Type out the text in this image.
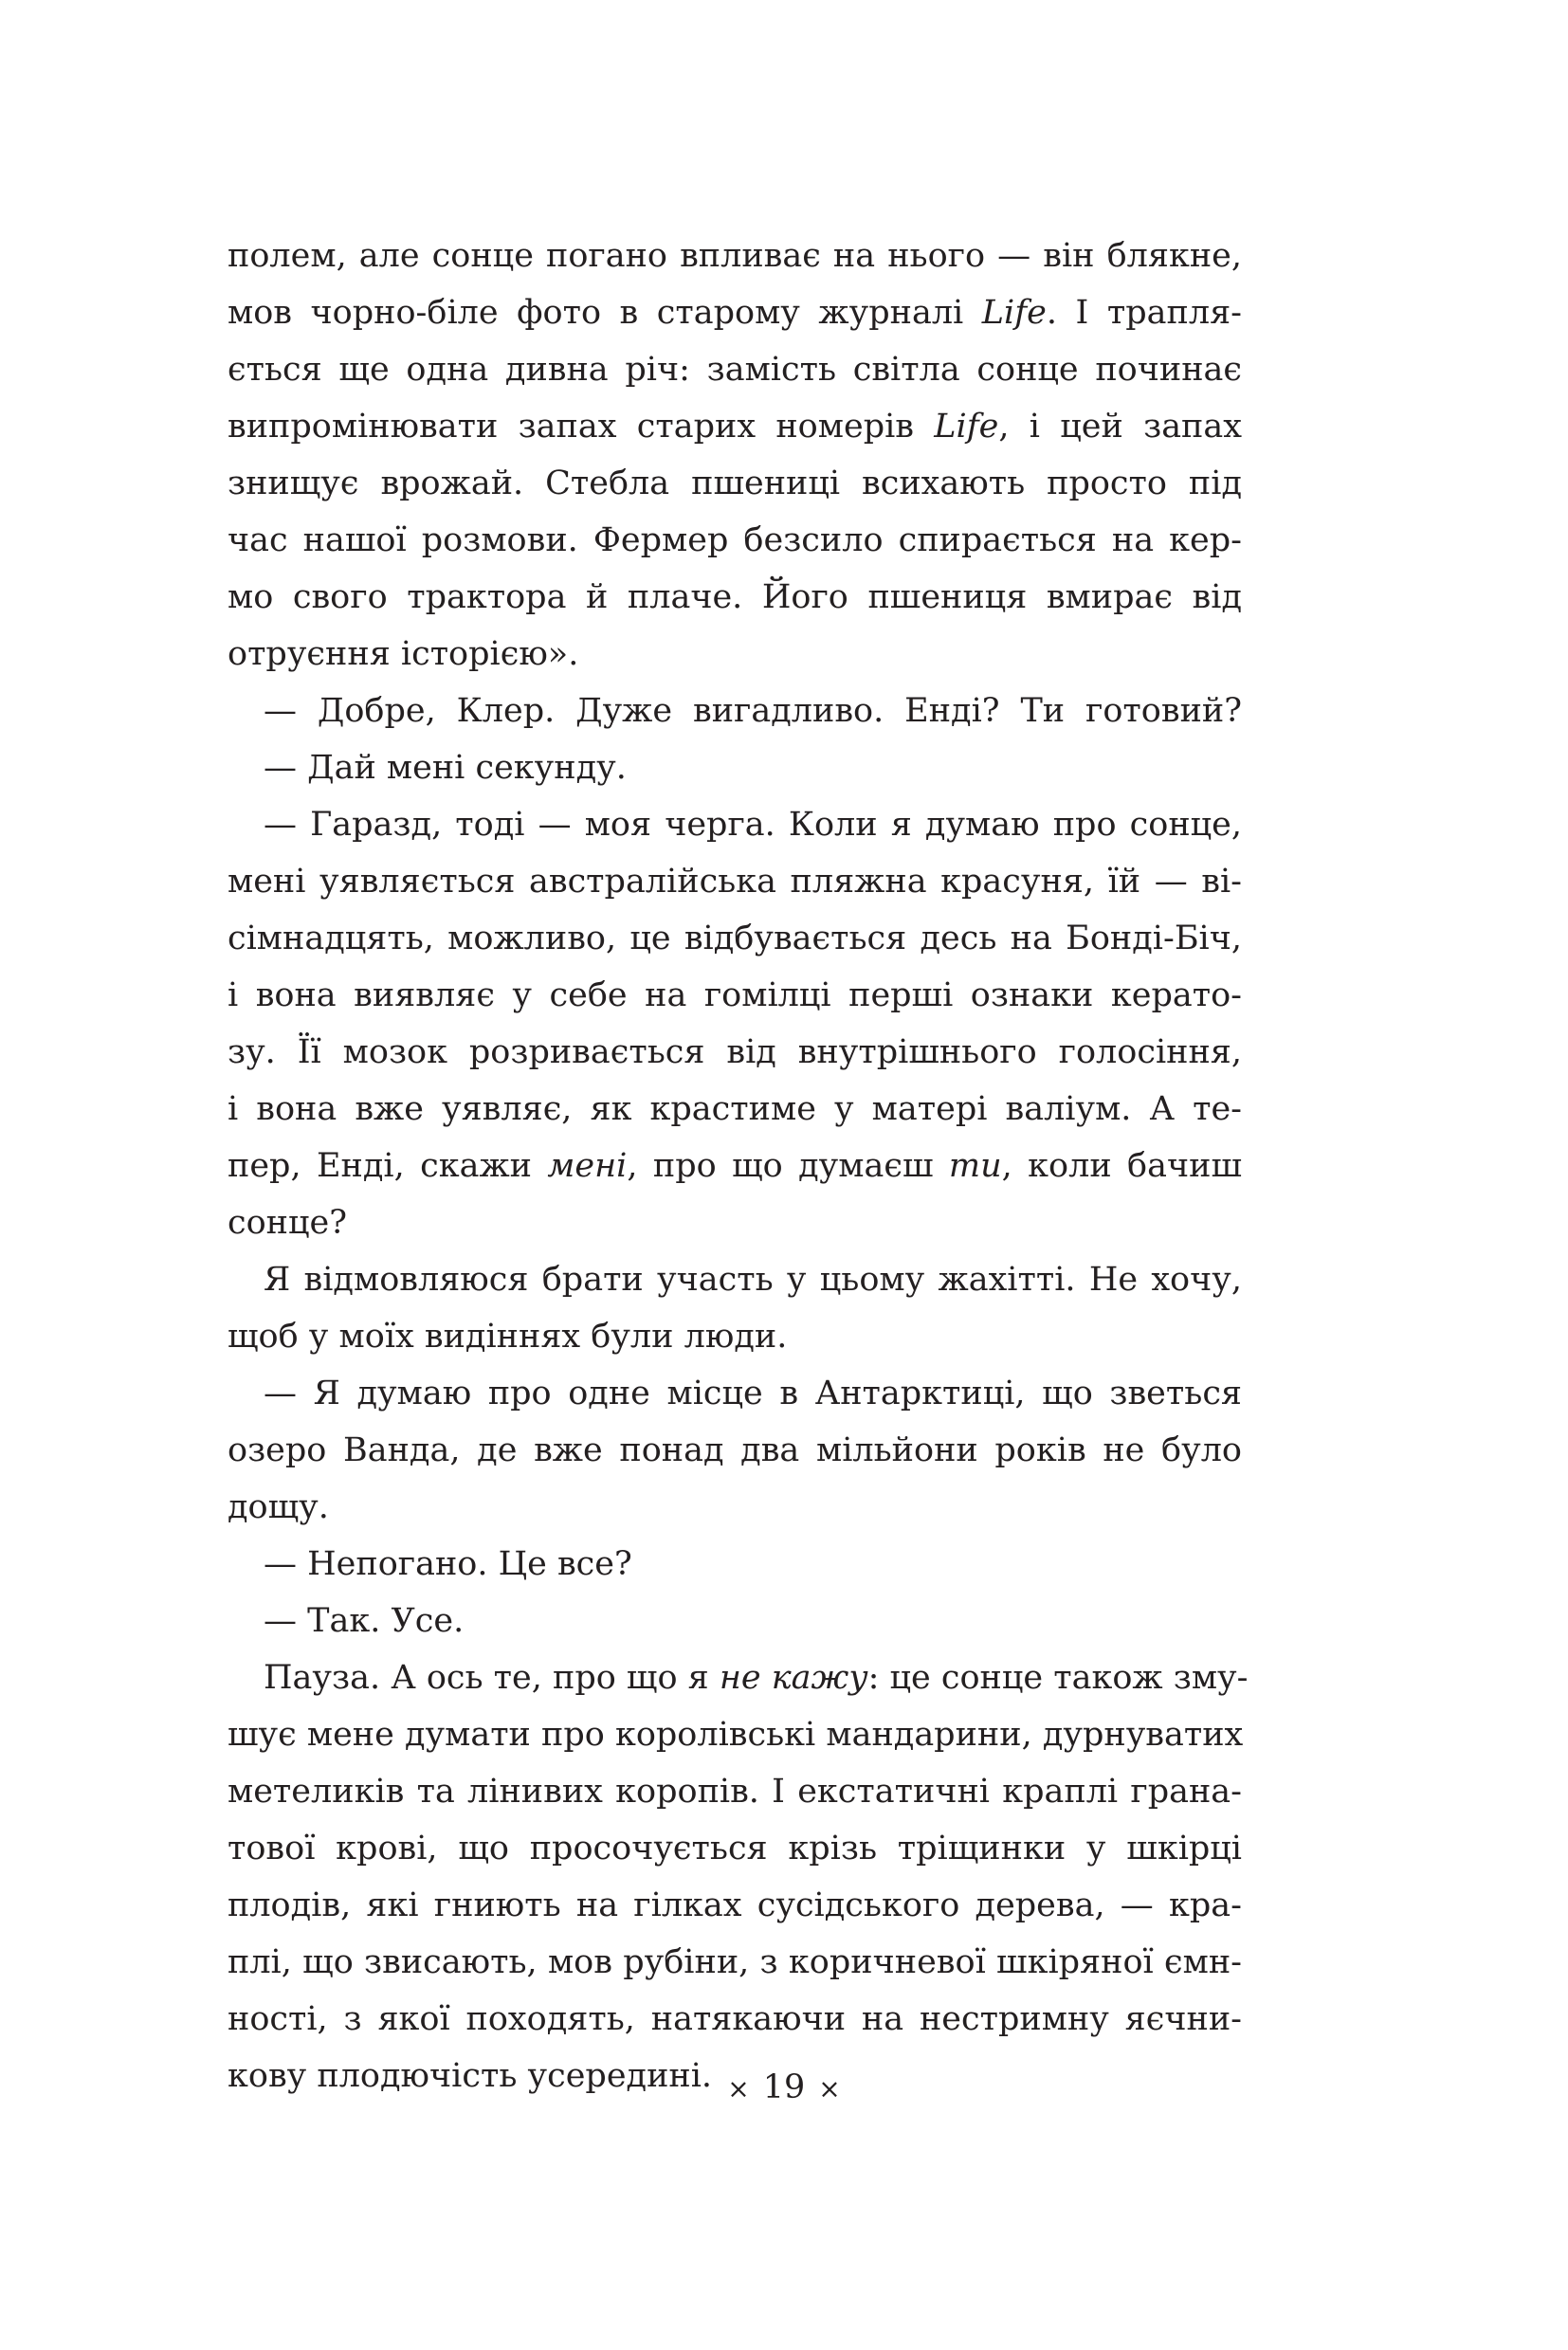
полем, але сонце погано впливає на нього — він блякне,
мов чорно-біле фото в старому журналі Life. І трапля-
ється ще одна дивна річ: замість світла сонце починає
випромінювати запах старих номерів Life, і цей запах
знищує врожай. Стебла пшениці всихають просто під
час нашої розмови. Фермер безсило спирається на кер-
мо свого трактора й плаче. Його пшениця вмирає від
отруєння історією».
— Добре, Клер. Дуже вигадливо. Енді? Ти готовий?
— Дай мені секунду.
— Гаразд, тоді — моя черга. Коли я думаю про сонце,
мені уявляється австралійська пляжна красуня, їй — ві-
сімнадцять, можливо, це відбувається десь на Бонді-Біч,
і вона виявляє у себе на гомілці перші ознаки керато-
зу. Її мозок розривається від внутрішнього голосіння,
і вона вже уявляє, як крастиме у матері валіум. А те-
пер, Енді, скажи мені, про що думаєш ти, коли бачиш
сонце?
Я відмовляюся брати участь у цьому жахітті. Не хочу,
щоб у моїх видіннях були люди.
— Я думаю про одне місце в Антарктиці, що зветься
озеро Ванда, де вже понад два мільйони років не було
дощу.
— Непогано. Це все?
— Так. Усе.
Пауза. А ось те, про що я не кажу: це сонце також зму-
шує мене думати про королівські мандарини, дурнуватих
метеликів та лінивих коропів. І екстатичні краплі грана-
тової крові, що просочується крізь тріщинки у шкірці
плодів, які гниють на гілках сусідського дерева, — кра-
плі, що звисають, мов рубіни, з коричневої шкіряної ємн-
ності, з якої походять, натякаючи на нестримну яєчни-
кову плодючість усередині. × 19 ×
